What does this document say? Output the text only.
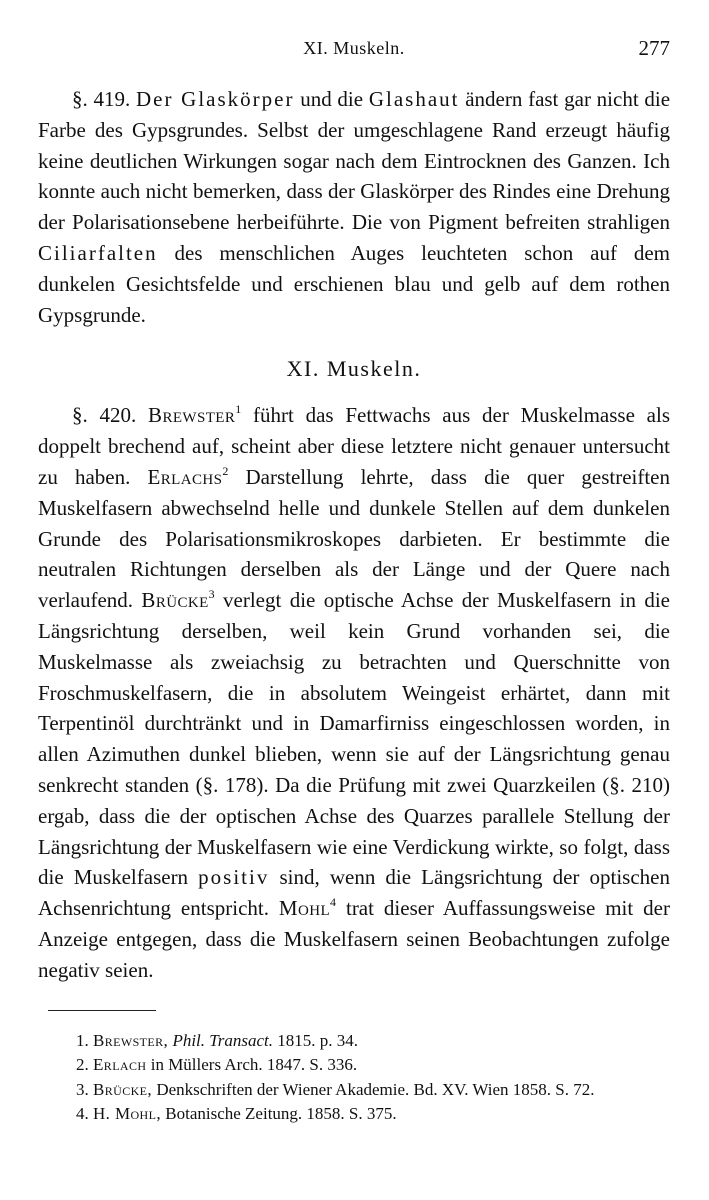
XI. Muskeln.	277

§. 419. Der Glaskörper und die Glashaut ändern fast gar nicht die Farbe des Gypsgrundes. Selbst der umgeschlagene Rand erzeugt häufig keine deutlichen Wirkungen sogar nach dem Eintrocknen des Ganzen. Ich konnte auch nicht bemerken, dass der Glaskörper des Rindes eine Drehung der Polarisationsebene herbeiführte. Die von Pigment befreiten strahligen Ciliarfalten des menschlichen Auges leuchteten schon auf dem dunkelen Gesichtsfelde und erschienen blau und gelb auf dem rothen Gypsgrunde.

XI. Muskeln.

§. 420. Brewster$^1$ führt das Fettwachs aus der Muskelmasse als doppelt brechend auf, scheint aber diese letztere nicht genauer untersucht zu haben. Erlachs$^2$ Darstellung lehrte, dass die quer gestreiften Muskelfasern abwechselnd helle und dunkele Stellen auf dem dunkelen Grunde des Polarisationsmikroskopes darbieten. Er bestimmte die neutralen Richtungen derselben als der Länge und der Quere nach verlaufend. Brücke$^3$ verlegt die optische Achse der Muskelfasern in die Längsrichtung derselben, weil kein Grund vorhanden sei, die Muskelmasse als zweiachsig zu betrachten und Querschnitte von Froschmuskelfasern, die in absolutem Weingeist erhärtet, dann mit Terpentinöl durchtränkt und in Damarfirniss eingeschlossen worden, in allen Azimuthen dunkel blieben, wenn sie auf der Längsrichtung genau senkrecht standen (§. 178). Da die Prüfung mit zwei Quarzkeilen (§. 210) ergab, dass die der optischen Achse des Quarzes parallele Stellung der Längsrichtung der Muskelfasern wie eine Verdickung wirkte, so folgt, dass die Muskelfasern positiv sind, wenn die Längsrichtung der optischen Achsenrichtung entspricht. Mohl$^4$ trat dieser Auffassungsweise mit der Anzeige entgegen, dass die Muskelfasern seinen Beobachtungen zufolge negativ seien.

1. Brewster, Phil. Transact. 1815. p. 34.

2. Erlach in Müllers Arch. 1847. S. 336.

3. Brücke, Denkschriften der Wiener Akademie. Bd. XV. Wien 1858. S. 72.

4. H. Mohl, Botanische Zeitung. 1858. S. 375.
